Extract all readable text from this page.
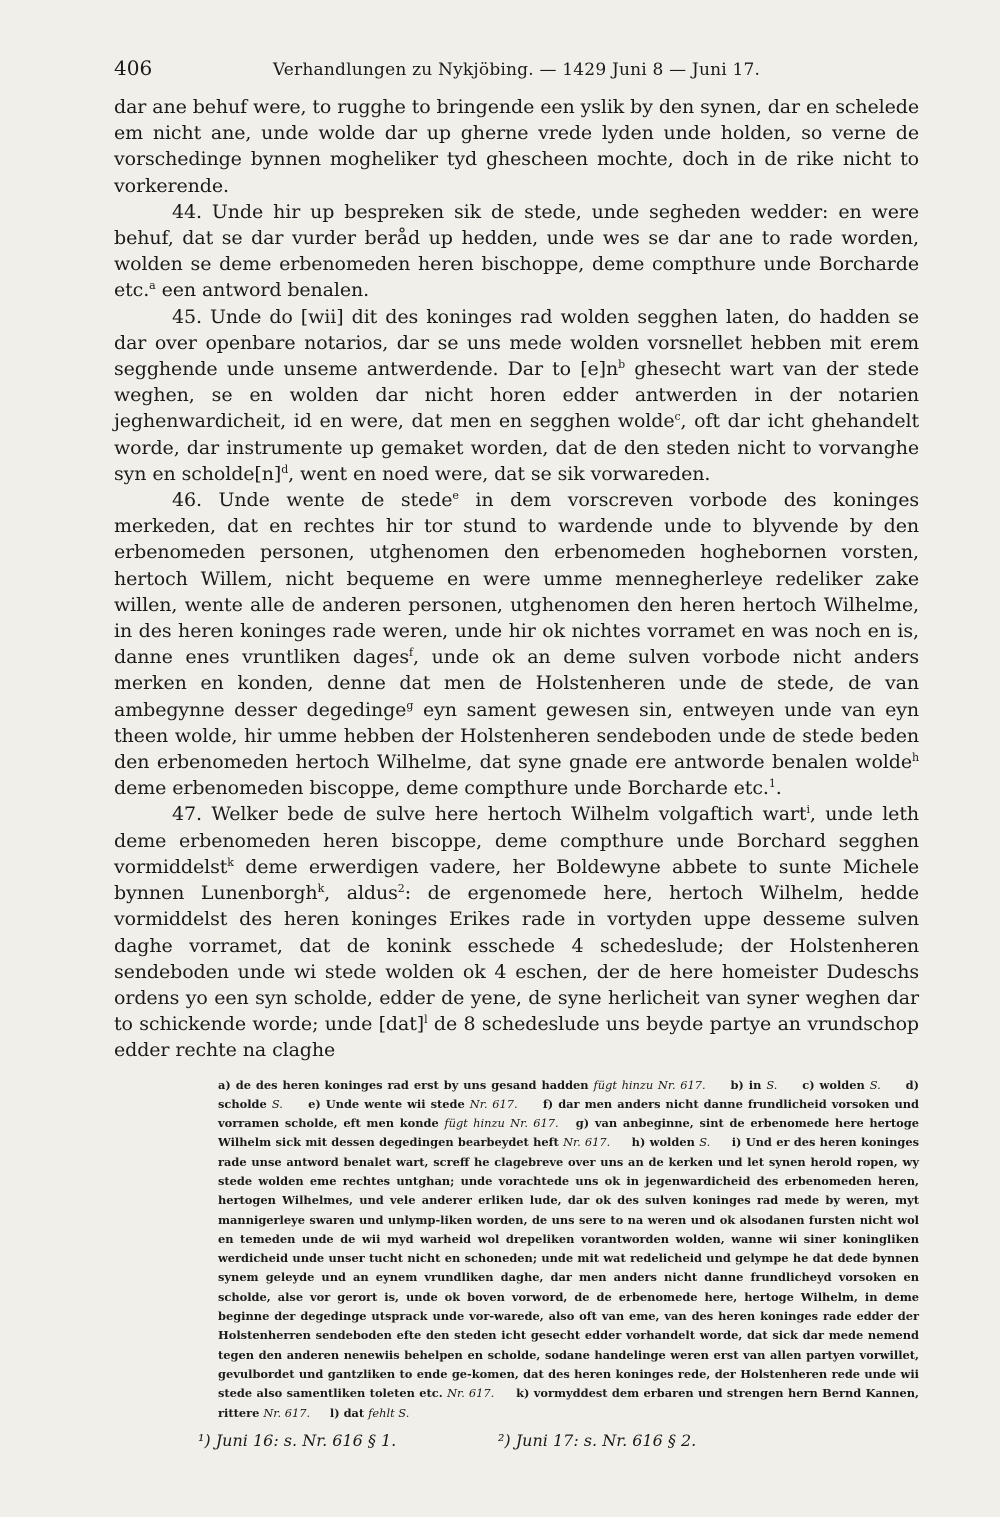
406	Verhandlungen zu Nykjöbing. — 1429 Juni 8 — Juni 17.

dar ane behuf were, to rugghe to bringende een yslik by den synen, dar en schelede em nicht ane, unde wolde dar up gherne vrede lyden unde holden, so verne de vorschedinge bynnen mogheliker tyd ghescheen mochte, doch in de rike nicht to vorkerende.

44. Unde hir up bespreken sik de stede, unde segheden wedder: en were behuf, dat se dar vurder beråd up hedden, unde wes se dar ane to rade worden, wolden se deme erbenomeden heren bischoppe, deme compthure unde Borcharde etc.$^a$ een antword benalen.

45. Unde do [wii] dit des koninges rad wolden segghen laten, do hadden se dar over openbare notarios, dar se uns mede wolden vorsnellet hebben mit erem segghende unde unseme antwerdende. Dar to $[e]n^b$ ghesecht wart van der stede weghen, se en wolden dar nicht horen edder antwerden in der notarien jeghenwardicheit, id en were, dat men en segghen wolde$^c$, oft dar icht ghehandelt worde, dar instrumente up gemaket worden, dat de den steden nicht to vorvanghe syn en $scholde[n]^d$, went en noed were, dat se sik vorwareden.

46. Unde wente de stede$^e$ in dem vorscreven vorbode des koninges merkeden, dat en rechtes hir tor stund to wardende unde to blyvende by den erbenomeden personen, utghenomen den erbenomeden hoghebornen vorsten, hertoch Willem, nicht bequeme en were umme mennegherleye redeliker zake willen, wente alle de anderen personen, utghenomen den heren hertoch Wilhelme, in des heren koninges rade weren, unde hir ok nichtes vorramet en was noch en is, danne enes vruntliken dages$^f$, unde ok an deme sulven vorbode nicht anders merken en konden, denne dat men de Holstenheren unde de stede, de van ambegynne desser degedinge$^g$ eyn sament gewesen sin, entweyen unde van eyn theen wolde, hir umme hebben der Holstenheren sendeboden unde de stede beden den erbenomeden hertoch Wilhelme, dat syne gnade ere antworde benalen wolde$^h$ deme erbenomeden biscoppe, deme compthure unde Borcharde etc.$^1$.

47. Welker bede de sulve here hertoch Wilhelm volgaftich wart$^i$, unde leth deme erbenomeden heren biscoppe, deme compthure unde Borchard segghen vormiddelst$^k$ deme erwerdigen vadere, her Boldewyne abbete to sunte Michele bynnen Lunenborgh$^k$, aldus$^2$: de ergenomede here, hertoch Wilhelm, hedde vormiddelst des heren koninges Erikes rade in vortyden uppe desseme sulven daghe vorramet, dat de konink esschede 4 schedeslude; der Holstenheren sendeboden unde wi stede wolden ok 4 eschen, der de here homeister Dudeschs ordens yo een syn scholde, edder de yene, de syne herlicheit van syner weghen dar to schickende worde; unde [dat]$^l$ de 8 schedeslude uns beyde partye an vrundschop edder rechte na claghe

a) de des heren koninges rad erst by uns gesand hadden fügt hinzu Nr. 617.     b) in S.     c) wolden S.     d) scholde S.     e) Unde wente wii stede Nr. 617.     f) dar men anders nicht danne frundlicheid vorsoken und vorramen scholde, eft men konde fügt hinzu Nr. 617.   g) van anbeginne, sint de erbenomede here hertoge Wilhelm sick mit dessen degedingen bearbeydet heft Nr. 617.     h) wolden S.     i) Und er des heren koninges rade unse antword benalet wart, screff he clagebreve over uns an de kerken und let synen herold ropen, wy stede wolden eme rechtes untghan; unde vorachtede uns ok in jegenwardicheid des erbenomeden heren, hertogen Wilhelmes, und vele anderer erliken lude, dar ok des sulven koninges rad mede by weren, myt mannigerleye swaren und unlymp-liken worden, de uns sere to na weren und ok alsodanen fursten nicht wol en temeden unde de wii myd warheid wol drepeliken vorantworden wolden, wanne wii siner koningliken werdicheid unde unser tucht nicht en schoneden; unde mit wat redelicheid und gelympe he dat dede bynnen synem geleyde und an eynem vrundliken daghe, dar men anders nicht danne frundlicheyd vorsoken en scholde, alse vor gerort is, unde ok boven vorword, de de erbenomede here, hertoge Wilhelm, in deme beginne der degedinge utsprack unde vor-warede, also oft van eme, van des heren koninges rade edder der Holstenherren sendeboden efte den steden icht gesecht edder vorhandelt worde, dat sick dar mede nemend tegen den anderen nenewiis behelpen en scholde, sodane handelinge weren erst van allen partyen vorwillet, gevulbordet und gantzliken to ende ge-komen, dat des heren koninges rede, der Holstenheren rede unde wii stede also samentliken toleten etc. Nr. 617.     k) vormyddest dem erbaren und strengen hern Bernd Kannen, rittere Nr. 617.     l) dat fehlt S.

¹) Juni 16: s. Nr. 616 § 1.	²) Juni 17: s. Nr. 616 § 2.
